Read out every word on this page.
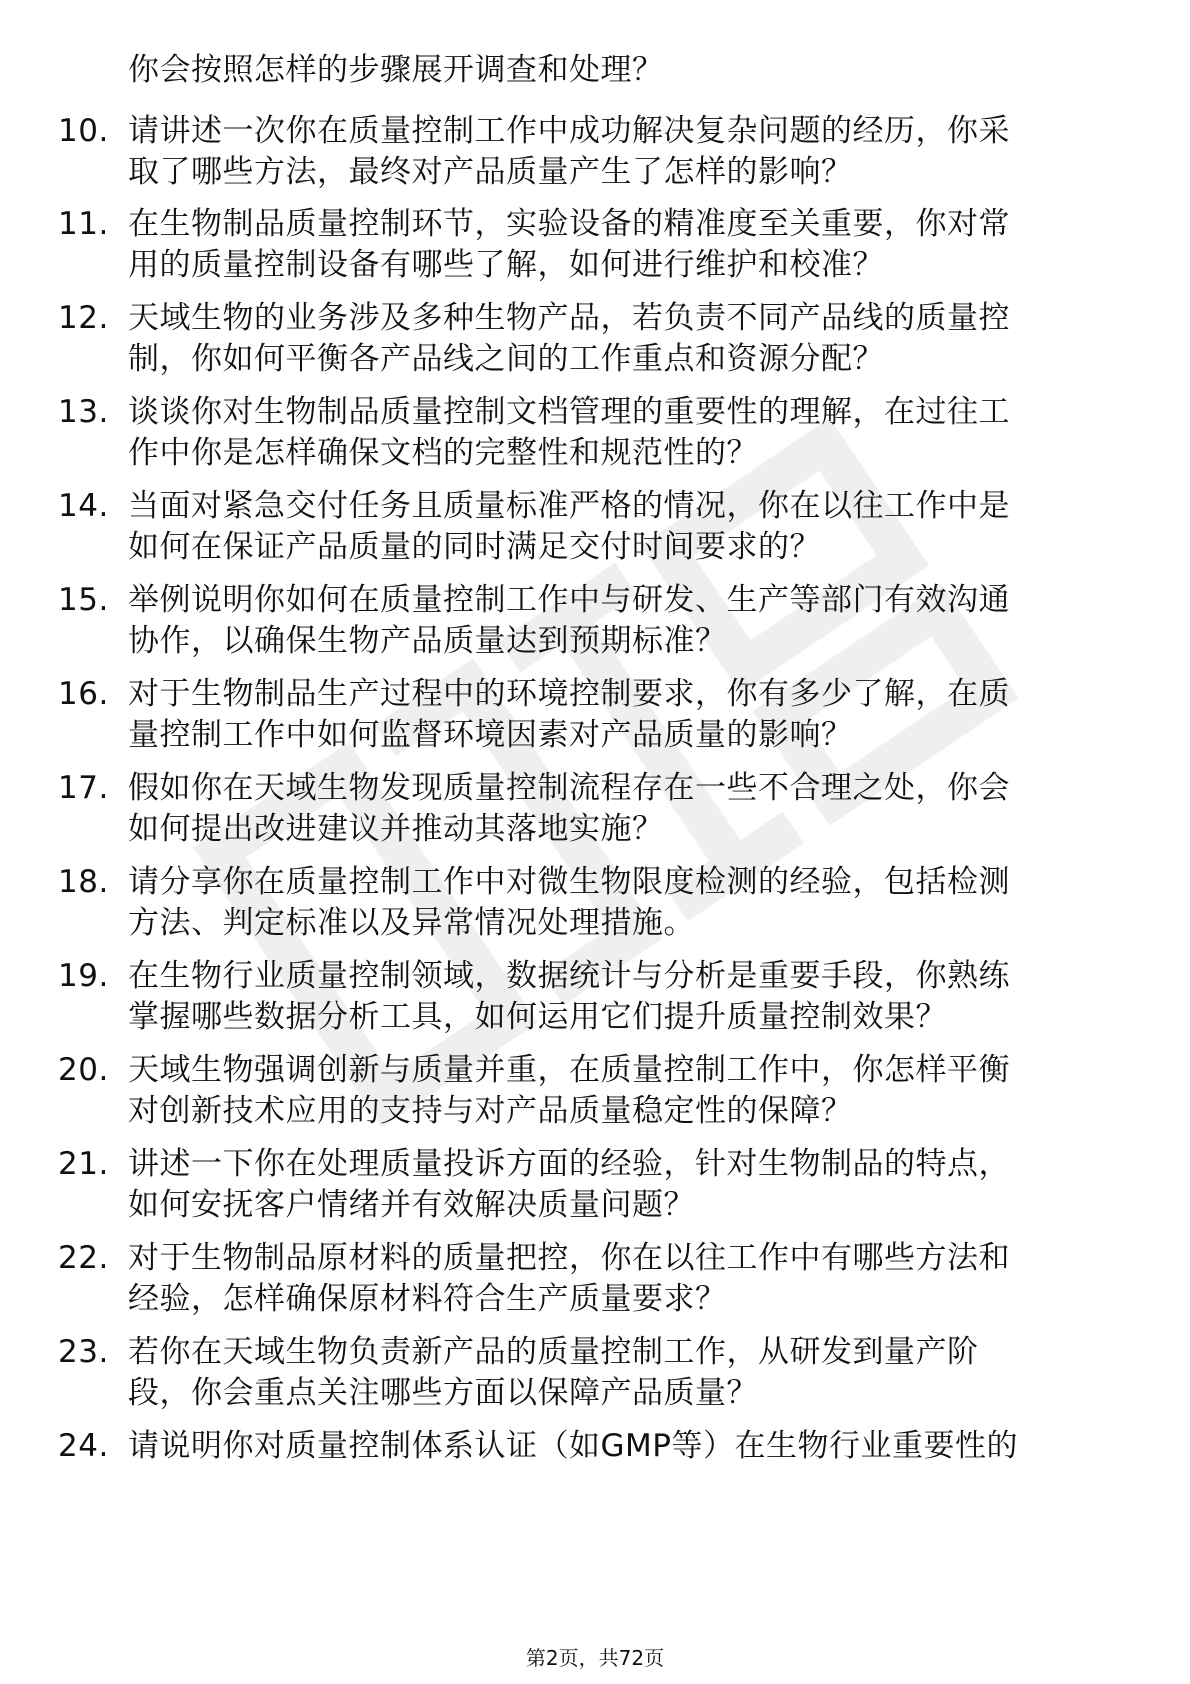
你会按照怎样的步骤展开调查和处理？
10. 请讲述一次你在质量控制工作中成功解决复杂问题的经历，你采
取了哪些方法，最终对产品质量产生了怎样的影响？
11. 在生物制品质量控制环节，实验设备的精准度至关重要，你对常
用的质量控制设备有哪些了解，如何进行维护和校准？
12. 天域生物的业务涉及多种生物产品，若负责不同产品线的质量控
制，你如何平衡各产品线之间的工作重点和资源分配？
13. 谈谈你对生物制品质量控制文档管理的重要性的理解，在过往工
作中你是怎样确保文档的完整性和规范性的？
14. 当面对紧急交付任务且质量标准严格的情况，你在以往工作中是
如何在保证产品质量的同时满足交付时间要求的？
15. 举例说明你如何在质量控制工作中与研发、生产等部门有效沟通
协作，以确保生物产品质量达到预期标准？
16. 对于生物制品生产过程中的环境控制要求，你有多少了解，在质
量控制工作中如何监督环境因素对产品质量的影响？
17. 假如你在天域生物发现质量控制流程存在一些不合理之处，你会
如何提出改进建议并推动其落地实施？
18. 请分享你在质量控制工作中对微生物限度检测的经验，包括检测
方法、判定标准以及异常情况处理措施。
19. 在生物行业质量控制领域，数据统计与分析是重要手段，你熟练
掌握哪些数据分析工具，如何运用它们提升质量控制效果？
20. 天域生物强调创新与质量并重，在质量控制工作中，你怎样平衡
对创新技术应用的支持与对产品质量稳定性的保障？
21. 讲述一下你在处理质量投诉方面的经验，针对生物制品的特点，
如何安抚客户情绪并有效解决质量问题？
22. 对于生物制品原材料的质量把控，你在以往工作中有哪些方法和
经验，怎样确保原材料符合生产质量要求？
23. 若你在天域生物负责新产品的质量控制工作，从研发到量产阶
段，你会重点关注哪些方面以保障产品质量？
24. 请说明你对质量控制体系认证（如GMP等）在生物行业重要性的
第2页，共72页
